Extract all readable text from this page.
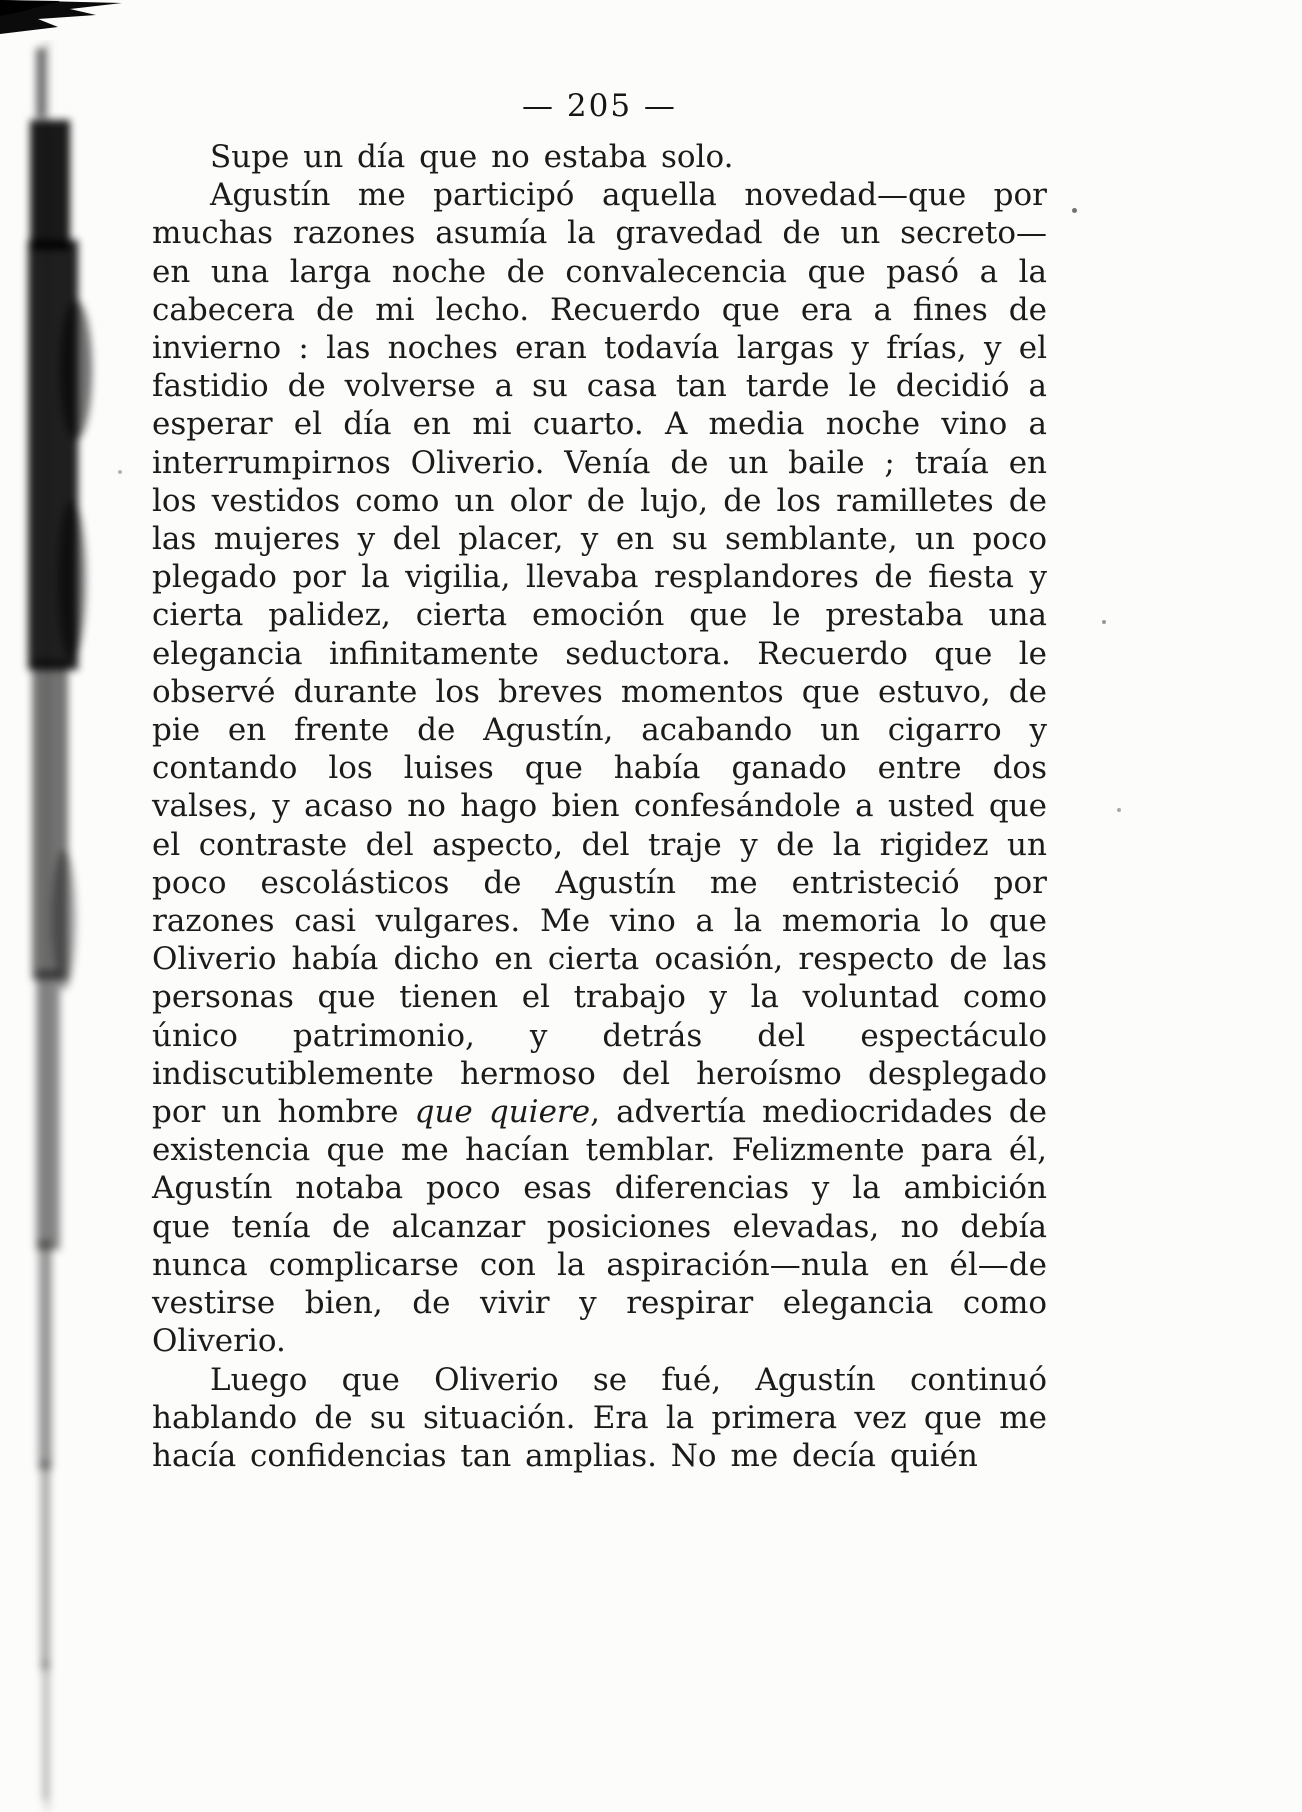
— 205 —

Supe un día que no estaba solo.

Agustín me participó aquella novedad—que por muchas razones asumía la gravedad de un secreto— en una larga noche de convalecencia que pasó a la cabecera de mi lecho. Recuerdo que era a fines de invierno : las noches eran todavía largas y frías, y el fastidio de volverse a su casa tan tarde le decidió a esperar el día en mi cuarto. A media noche vino a interrumpirnos Oliverio. Venía de un baile ; traía en los vestidos como un olor de lujo, de los ramilletes de las mujeres y del placer, y en su semblante, un poco plegado por la vigilia, llevaba resplandores de fiesta y cierta palidez, cierta emoción que le prestaba una elegancia infinitamente seductora. Recuerdo que le observé durante los breves momentos que estuvo, de pie en frente de Agustín, acabando un cigarro y contando los luises que había ganado entre dos valses, y acaso no hago bien confesándole a usted que el contraste del aspecto, del traje y de la rigidez un poco escolásticos de Agustín me entristeció por razones casi vulgares. Me vino a la memoria lo que Oliverio había dicho en cierta ocasión, respecto de las personas que tienen el trabajo y la voluntad como único patrimonio, y detrás del espectáculo indiscutiblemente hermoso del heroísmo desplegado por un hombre que quiere, advertía mediocridades de existencia que me hacían temblar. Felizmente para él, Agustín notaba poco esas diferencias y la ambición que tenía de alcanzar posiciones elevadas, no debía nunca complicarse con la aspiración—nula en él—de vestirse bien, de vivir y respirar elegancia como Oliverio.

Luego que Oliverio se fué, Agustín continuó hablando de su situación. Era la primera vez que me hacía confidencias tan amplias. No me decía quién
